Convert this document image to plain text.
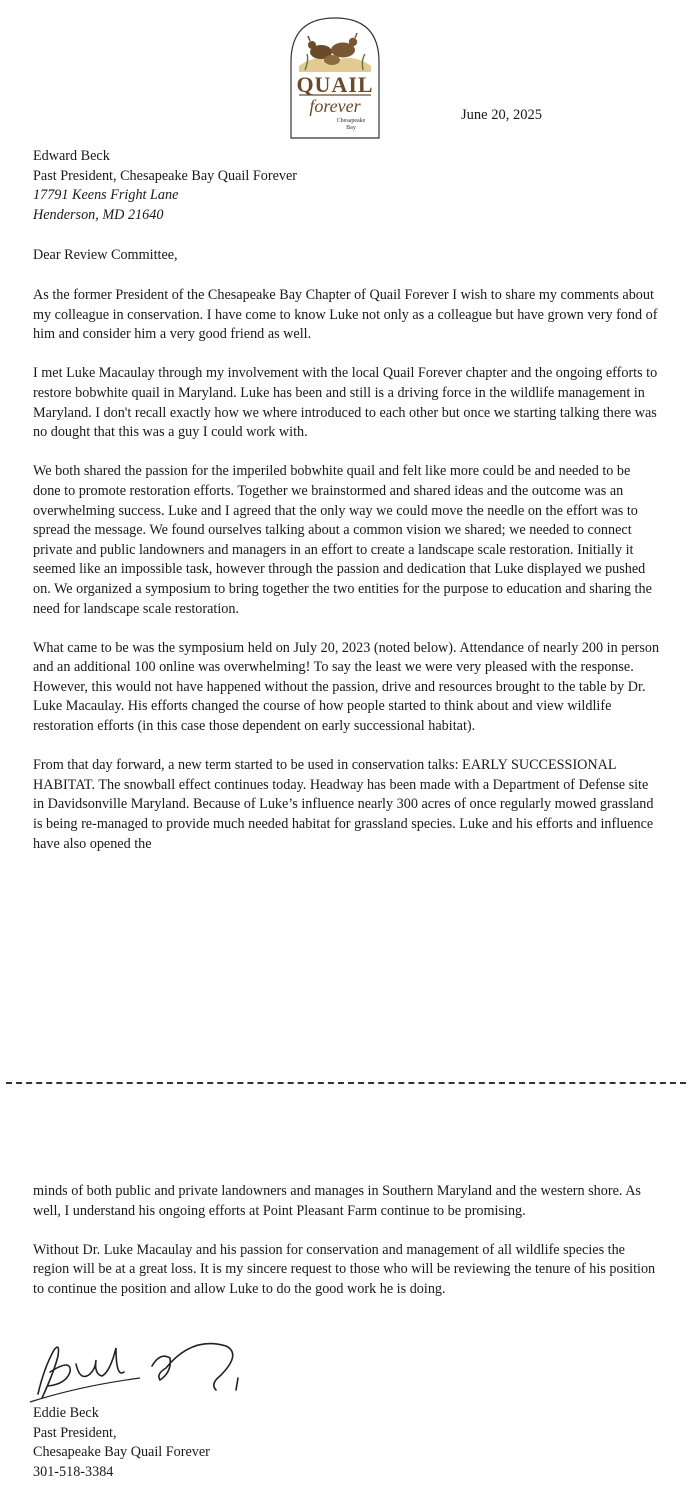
QUAIL
forever
Chesapeake
Bay
June 20, 2025
Edward Beck
Past President, Chesapeake Bay Quail Forever
17791 Keens Fright Lane
Henderson, MD 21640
Dear Review Committee,

As the former President of the Chesapeake Bay Chapter of Quail Forever I wish to share my comments about my colleague in conservation. I have come to know Luke not only as a colleague but have grown very fond of him and consider him a very good friend as well.

I met Luke Macaulay through my involvement with the local Quail Forever chapter and the ongoing efforts to restore bobwhite quail in Maryland. Luke has been and still is a driving force in the wildlife management in Maryland. I don't recall exactly how we where introduced to each other but once we starting talking there was no dought that this was a guy I could work with.

We both shared the passion for the imperiled bobwhite quail and felt like more could be and needed to be done to promote restoration efforts. Together we brainstormed and shared ideas and the outcome was an overwhelming success. Luke and I agreed that the only way we could move the needle on the effort was to spread the message. We found ourselves talking about a common vision we shared; we needed to connect private and public landowners and managers in an effort to create a landscape scale restoration. Initially it seemed like an impossible task, however through the passion and dedication that Luke displayed we pushed on. We organized a symposium to bring together the two entities for the purpose to education and sharing the need for landscape scale restoration.

What came to be was the symposium held on July 20, 2023 (noted below). Attendance of nearly 200 in person and an additional 100 online was overwhelming! To say the least we were very pleased with the response. However, this would not have happened without the passion, drive and resources brought to the table by Dr. Luke Macaulay. His efforts changed the course of how people started to think about and view wildlife restoration efforts (in this case those dependent on early successional habitat).

From that day forward, a new term started to be used in conservation talks: EARLY SUCCESSIONAL HABITAT. The snowball effect continues today. Headway has been made with a Department of Defense site in Davidsonville Maryland. Because of Luke’s influence nearly 300 acres of once regularly mowed grassland is being re-managed to provide much needed habitat for grassland species. Luke and his efforts and influence have also opened the

minds of both public and private landowners and manages in Southern Maryland and the western shore. As well, I understand his ongoing efforts at Point Pleasant Farm continue to be promising.

Without Dr. Luke Macaulay and his passion for conservation and management of all wildlife species the region will be at a great loss. It is my sincere request to those who will be reviewing the tenure of his position to continue the position and allow Luke to do the good work he is doing.

Eddie Beck
Past President,
Chesapeake Bay Quail Forever
301-518-3384
